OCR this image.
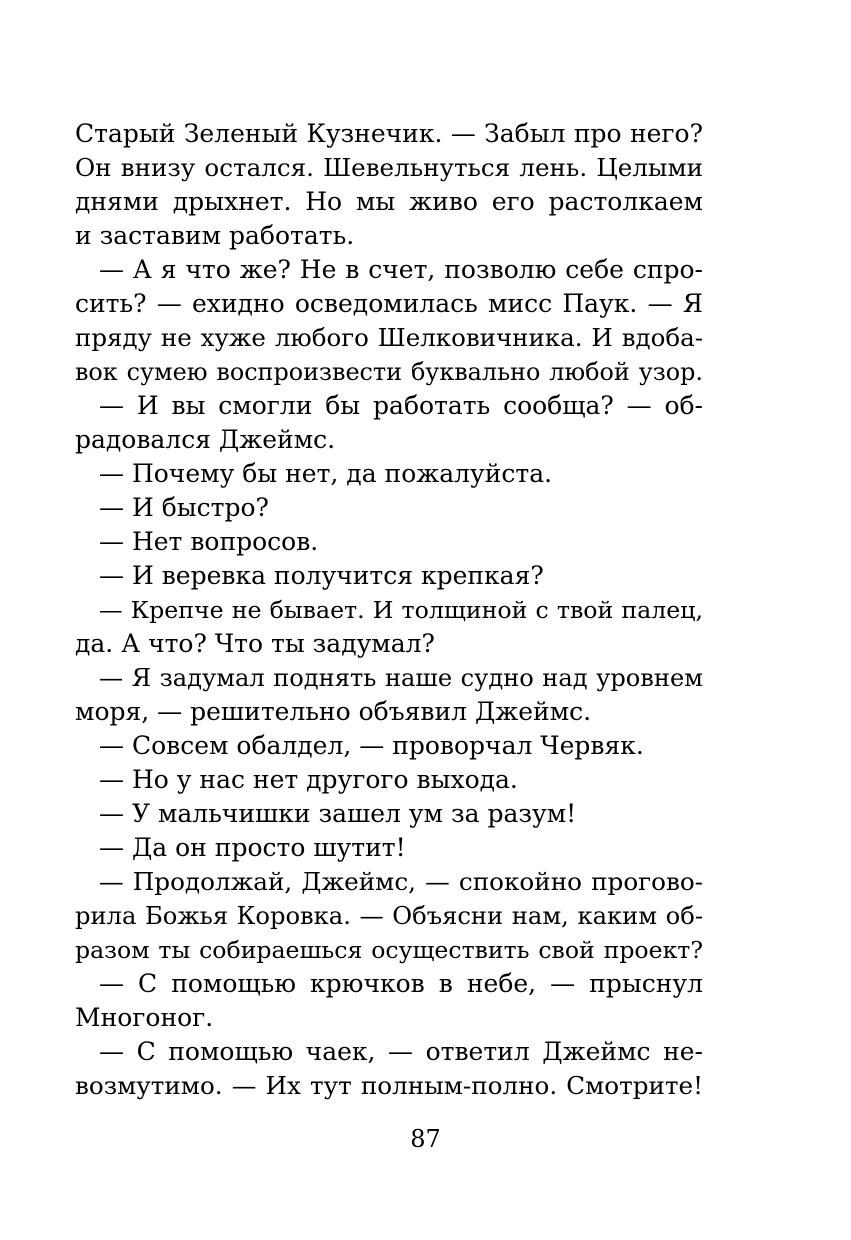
Старый Зеленый Кузнечик. — Забыл про него?
Он внизу остался. Шевельнуться лень. Целыми
днями дрыхнет. Но мы живо его растолкаем
и заставим работать.
— А я что же? Не в счет, позволю себе спро-
сить? — ехидно осведомилась мисс Паук. — Я
пряду не хуже любого Шелковичника. И вдоба-
вок сумею воспроизвести буквально любой узор.
— И вы смогли бы работать сообща? — об-
радовался Джеймс.
— Почему бы нет, да пожалуйста.
— И быстро?
— Нет вопросов.
— И веревка получится крепкая?
— Крепче не бывает. И толщиной с твой палец,
да. А что? Что ты задумал?
— Я задумал поднять наше судно над уровнем
моря, — решительно объявил Джеймс.
— Совсем обалдел, — проворчал Червяк.
— Но у нас нет другого выхода.
— У мальчишки зашел ум за разум!
— Да он просто шутит!
— Продолжай, Джеймс, — спокойно прогово-
рила Божья Коровка. — Объясни нам, каким об-
разом ты собираешься осуществить свой проект?
— С помощью крючков в небе, — прыснул
Многоног.
— С помощью чаек, — ответил Джеймс не-
возмутимо. — Их тут полным-полно. Смотрите!
87
